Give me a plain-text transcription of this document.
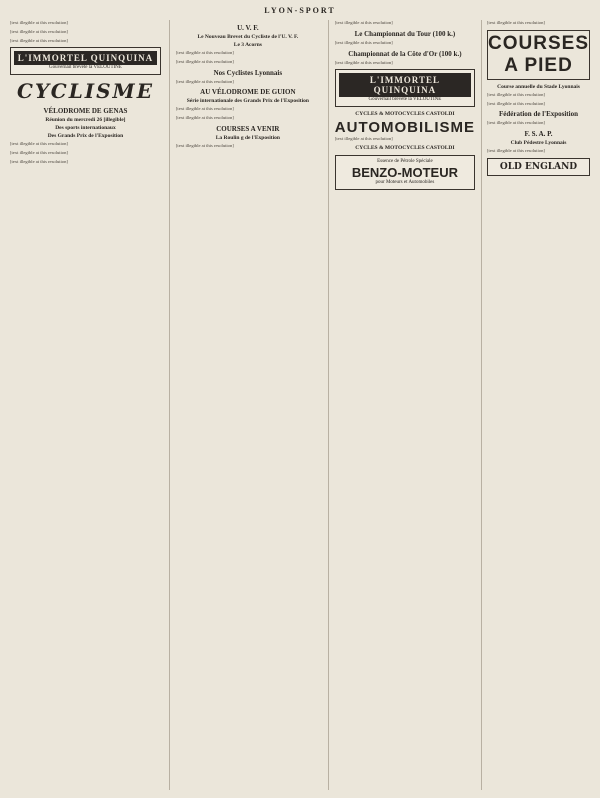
LYON-SPORT

[text illegible at this resolution]

[text illegible at this resolution]

[text illegible at this resolution]

L'IMMORTEL QUINQUINA
Gouvernail breveté la VELOUTINE
CYCLISME
VÉLODROME DE GENAS
Réunion du mercredi 26 [illegible]
Des sports internationaux
Des Grands Prix de l'Exposition

[text illegible at this resolution]

[text illegible at this resolution]

[text illegible at this resolution]

U. V. F.
Le Nouveau Brevet du Cycliste de l'U. V. F.
Le 3 Acorns

[text illegible at this resolution]

[text illegible at this resolution]

Nos Cyclistes Lyonnais

[text illegible at this resolution]

AU VÉLODROME DE GUION
Série internationale des Grands Prix de l'Exposition

[text illegible at this resolution]

[text illegible at this resolution]

COURSES A VENIR
La Roulin g de l'Exposition

[text illegible at this resolution]

[text illegible at this resolution]

Le Championnat du Tour (100 k.)

[text illegible at this resolution]

Championnat de la Côte d'Or (100 k.)

[text illegible at this resolution]

L'IMMORTEL QUINQUINA
Gouvernail breveté la VELOUTINE
CYCLES & MOTOCYCLES CASTOLDI
AUTOMOBILISME

[text illegible at this resolution]

CYCLES & MOTOCYCLES CASTOLDI
Essence de Pétrole Spéciale
BENZO-MOTEUR
pour Moteurs et Automobiles

[text illegible at this resolution]

COURSES A PIED
Course annuelle du Stade Lyonnais

[text illegible at this resolution]

[text illegible at this resolution]

Fédération de l'Exposition

[text illegible at this resolution]

F. S. A. P.
Club Pédestre Lyonnais

[text illegible at this resolution]

OLD ENGLAND
